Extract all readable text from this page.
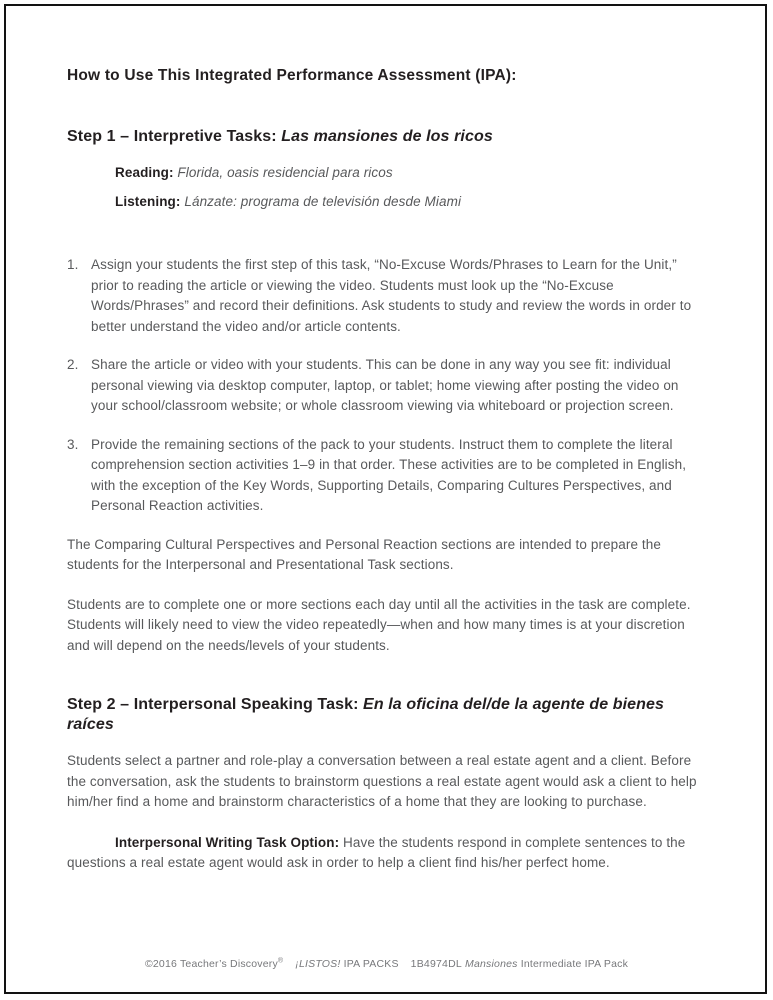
How to Use This Integrated Performance Assessment (IPA):
Step 1 – Interpretive Tasks: Las mansiones de los ricos
Reading: Florida, oasis residencial para ricos
Listening: Lánzate: programa de televisión desde Miami
1. Assign your students the first step of this task, “No-Excuse Words/Phrases to Learn for the Unit,” prior to reading the article or viewing the video. Students must look up the “No-Excuse Words/Phrases” and record their definitions. Ask students to study and review the words in order to better understand the video and/or article contents.
2. Share the article or video with your students. This can be done in any way you see fit: individual personal viewing via desktop computer, laptop, or tablet; home viewing after posting the video on your school/classroom website; or whole classroom viewing via whiteboard or projection screen.
3. Provide the remaining sections of the pack to your students. Instruct them to complete the literal comprehension section activities 1–9 in that order. These activities are to be completed in English, with the exception of the Key Words, Supporting Details, Comparing Cultures Perspectives, and Personal Reaction activities.

The Comparing Cultural Perspectives and Personal Reaction sections are intended to prepare the students for the Interpersonal and Presentational Task sections.

Students are to complete one or more sections each day until all the activities in the task are complete. Students will likely need to view the video repeatedly—when and how many times is at your discretion and will depend on the needs/levels of your students.

Step 2 – Interpersonal Speaking Task: En la oficina del/de la agente de bienes raíces

Students select a partner and role-play a conversation between a real estate agent and a client. Before the conversation, ask the students to brainstorm questions a real estate agent would ask a client to help him/her find a home and brainstorm characteristics of a home that they are looking to purchase.

Interpersonal Writing Task Option: Have the students respond in complete sentences to the questions a real estate agent would ask in order to help a client find his/her perfect home.

©2016 Teacher’s Discovery® ¡LISTOS! IPA PACKS 1B4974DL Mansiones Intermediate IPA Pack
